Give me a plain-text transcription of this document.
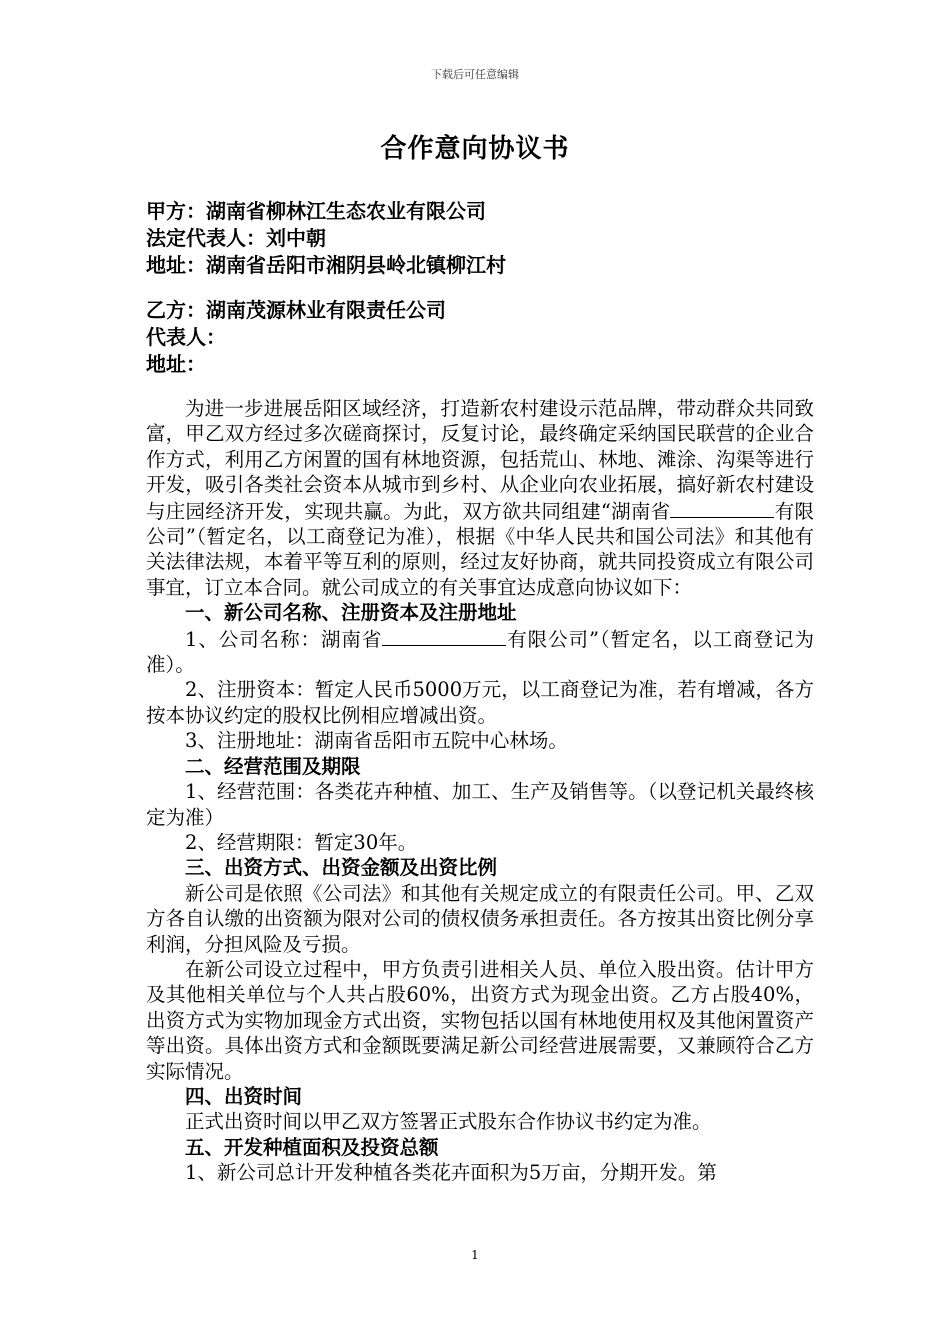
下载后可任意编辑
合作意向协议书
甲方：湖南省柳林江生态农业有限公司
法定代表人：刘中朝
地址：湖南省岳阳市湘阴县岭北镇柳江村
乙方：湖南茂源林业有限责任公司
代表人：
地址：

为进一步进展岳阳区域经济，打造新农村建设示范品牌，带动群众共同致富，甲乙双方经过多次磋商探讨，反复讨论，最终确定采纳国民联营的企业合作方式，利用乙方闲置的国有林地资源，包括荒山、林地、滩涂、沟渠等进行开发，吸引各类社会资本从城市到乡村、从企业向农业拓展，搞好新农村建设与庄园经济开发，实现共赢。为此，双方欲共同组建“湖南省	有限公司”（暂定名，以工商登记为准），根据《中华人民共和国公司法》和其他有关法律法规，本着平等互利的原则，经过友好协商，就共同投资成立有限公司事宜，订立本合同。就公司成立的有关事宜达成意向协议如下：

一、新公司名称、注册资本及注册地址

1、公司名称：湖南省	有限公司”（暂定名，以工商登记为准）。

2、注册资本：暂定人民币5000万元，以工商登记为准，若有增减，各方按本协议约定的股权比例相应增减出资。

3、注册地址：湖南省岳阳市五院中心林场。

二、经营范围及期限

1、经营范围：各类花卉种植、加工、生产及销售等。（以登记机关最终核定为准）

2、经营期限：暂定30年。

三、出资方式、出资金额及出资比例

新公司是依照《公司法》和其他有关规定成立的有限责任公司。甲、乙双方各自认缴的出资额为限对公司的债权债务承担责任。各方按其出资比例分享利润，分担风险及亏损。

在新公司设立过程中，甲方负责引进相关人员、单位入股出资。估计甲方及其他相关单位与个人共占股60%，出资方式为现金出资。乙方占股40%，出资方式为实物加现金方式出资，实物包括以国有林地使用权及其他闲置资产等出资。具体出资方式和金额既要满足新公司经营进展需要，又兼顾符合乙方实际情况。

四、出资时间

正式出资时间以甲乙双方签署正式股东合作协议书约定为准。

五、开发种植面积及投资总额

1、新公司总计开发种植各类花卉面积为5万亩，分期开发。第

1
